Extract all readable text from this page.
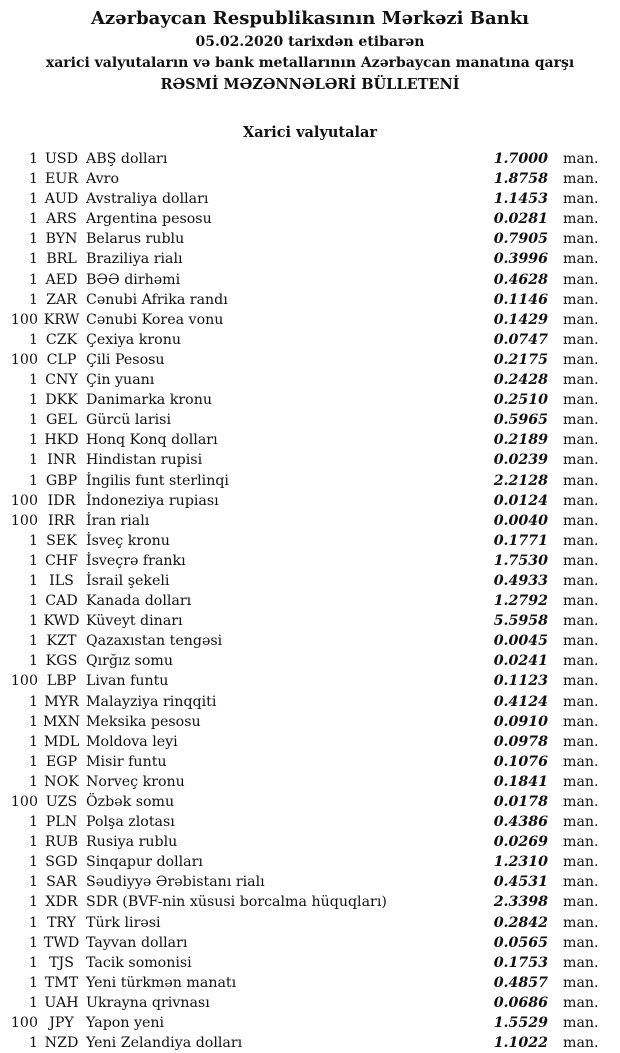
Azərbaycan Respublikasının Mərkəzi Bankı
05.02.2020 tarixdən etibarən
xarici valyutaların və bank metallarının Azərbaycan manatına qarşı
RƏSMİ MƏZƏNNƏLƏRİ BÜLLETENİ
Xarici valyutalar
1 USD ABŞ dolları	1.7000	man.
1 EUR Avro	1.8758	man.
1 AUD Avstraliya dolları	1.1453	man.
1 ARS Argentina pesosu	0.0281	man.
1 BYN Belarus rublu	0.7905	man.
1 BRL Braziliya rialı	0.3996	man.
1 AED BƏƏ dirhəmi	0.4628	man.
1 ZAR Cənubi Afrika randı	0.1146	man.
100 KRW Cənubi Korea vonu	0.1429	man.
1 CZK Çexiya kronu	0.0747	man.
100 CLP Çili Pesosu	0.2175	man.
1 CNY Çin yuanı	0.2428	man.
1 DKK Danimarka kronu	0.2510	man.
1 GEL Gürcü larisi	0.5965	man.
1 HKD Honq Konq dolları	0.2189	man.
1 INR Hindistan rupisi	0.0239	man.
1 GBP İngilis funt sterlinqi	2.2128	man.
100 IDR İndoneziya rupiası	0.0124	man.
100 IRR İran rialı	0.0040	man.
1 SEK İsveç kronu	0.1771	man.
1 CHF İsveçrə frankı	1.7530	man.
1 ILS İsrail şekeli	0.4933	man.
1 CAD Kanada dolları	1.2792	man.
1 KWD Küveyt dinarı	5.5958	man.
1 KZT Qazaxıstan tengəsi	0.0045	man.
1 KGS Qırğız somu	0.0241	man.
100 LBP Livan funtu	0.1123	man.
1 MYR Malayziya rinqqiti	0.4124	man.
1 MXN Meksika pesosu	0.0910	man.
1 MDL Moldova leyi	0.0978	man.
1 EGP Misir funtu	0.1076	man.
1 NOK Norveç kronu	0.1841	man.
100 UZS Özbək somu	0.0178	man.
1 PLN Polşa zlotası	0.4386	man.
1 RUB Rusiya rublu	0.0269	man.
1 SGD Sinqapur dolları	1.2310	man.
1 SAR Səudiyyə Ərəbistanı rialı	0.4531	man.
1 XDR SDR (BVF-nin xüsusi borcalma hüquqları)	2.3398	man.
1 TRY Türk lirəsi	0.2842	man.
1 TWD Tayvan dolları	0.0565	man.
1 TJS Tacik somonisi	0.1753	man.
1 TMT Yeni türkmən manatı	0.4857	man.
1 UAH Ukrayna qrivnası	0.0686	man.
100 JPY Yapon yeni	1.5529	man.
1 NZD Yeni Zelandiya dolları	1.1022	man.
